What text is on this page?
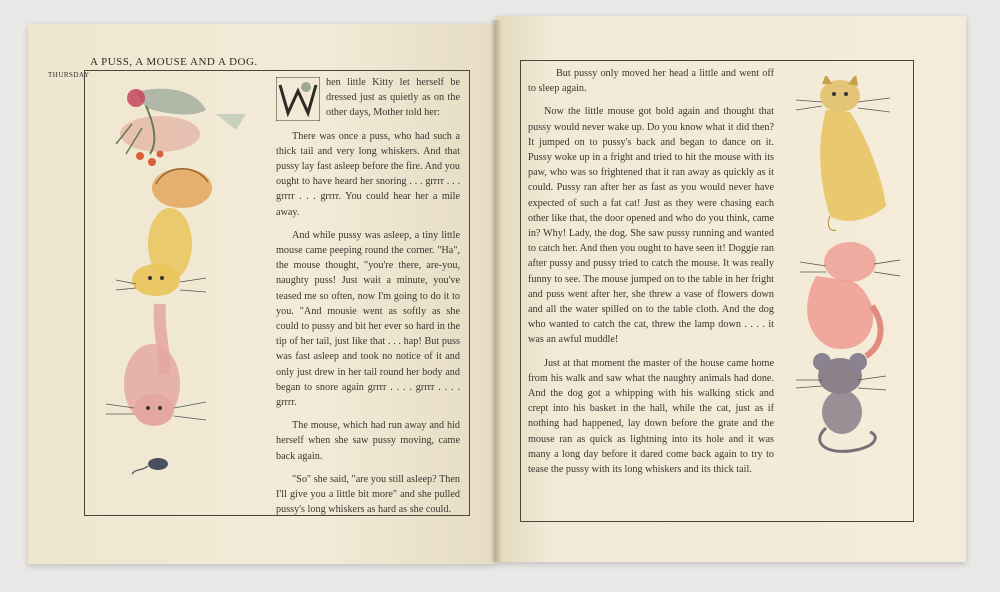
A PUSS, A MOUSE AND A DOG.
THURSDAY

hen little Kitty let herself be dressed just as quietly as on the other days, Mother told her:

There was once a puss, who had such a thick tail and very long whiskers. And that pussy lay fast asleep before the fire. And you ought to have heard her snoring . . . grrrr . . . grrrr . . . grrrr. You could hear her a mile away.

And while pussy was asleep, a tiny little mouse came peeping round the corner. "Ha", the mouse thought, "you're there, are-you, naughty puss! Just wait a minute, you've teased me so often, now I'm going to do it to you. "And mousie went as softly as she could to pussy and bit her ever so hard in the tip of her tail, just like that . . . hap! But puss was fast asleep and took no notice of it and only just drew in her tail round her body and began to snore again grrrr . . . . grrrr . . . . grrrr.

The mouse, which had run away and hid herself when she saw pussy moving, came back again.

"So" she said, "are you still asleep? Then I'll give you a little bit more" and she pulled pussy's long whiskers as hard as she could.

But pussy only moved her head a little and went off to sleep again.

Now the little mouse got bold again and thought that pussy would never wake up. Do you know what it did then? It jumped on to pussy's back and began to dance on it. Pussy woke up in a fright and tried to hit the mouse with its paw, who was so frightened that it ran away as quickly as it could. Pussy ran after her as fast as you would never have expected of such a fat cat! Just as they were chasing each other like that, the door opened and who do you think, came in? Why! Lady, the dog. She saw pussy running and wanted to catch her. And then you ought to have seen it! Doggie ran after pussy and pussy tried to catch the mouse. It was really funny to see. The mouse jumped on to the table in her fright and puss went after her, she threw a vase of flowers down and all the water spilled on to the table cloth. And the dog who wanted to catch the cat, threw the lamp down . . . . it was an awful muddle!

Just at that moment the master of the house came home from his walk and saw what the naughty animals had done. And the dog got a whipping with his walking stick and crept into his basket in the hall, while the cat, just as if nothing had happened, lay down before the grate and the mouse ran as quick as lightning into its hole and it was many a long day before it dared come back again to try to tease the pussy with its long whiskers and its thick tail.
